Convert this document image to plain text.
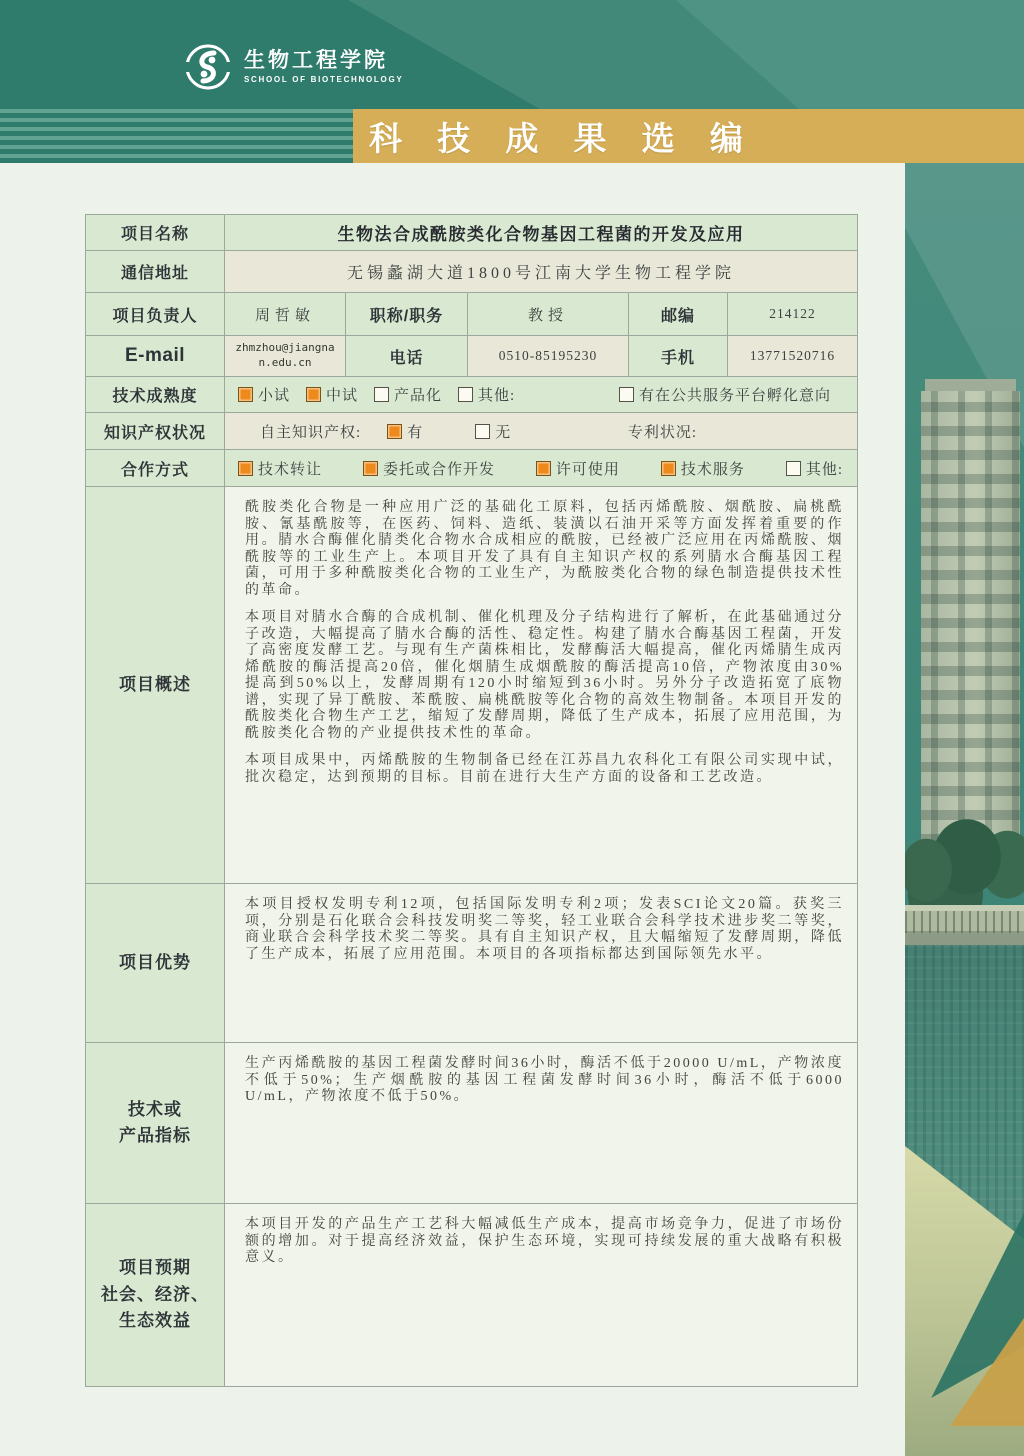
生物工程学院
SCHOOL OF BIOTECHNOLOGY
科 技 成 果 选 编
项目名称	生物法合成酰胺类化合物基因工程菌的开发及应用				
通信地址	无锡蠡湖大道1800号江南大学生物工程学院				
项目负责人	周哲敏	职称/职务	教授	邮编	214122
E-mail	zhmzhou@jiangnan.edu.cn	电话	0510-85195230	手机	13771520716
技术成熟度	小试 中试 产品化 其他: 有在公共服务平台孵化意向				

知识产权状况	自主知识产权: 有 无 专利状况:				

合作方式	技术转让 委托或合作开发 许可使用 技术服务 其他:				

项目概述	酰胺类化合物是一种应用广泛的基础化工原料，包括丙烯酰胺、烟酰胺、扁桃酰胺、氰基酰胺等，在医药、饲料、造纸、装潢以石油开采等方面发挥着重要的作用。腈水合酶催化腈类化合物水合成相应的酰胺，已经被广泛应用在丙烯酰胺、烟酰胺等的工业生产上。本项目开发了具有自主知识产权的系列腈水合酶基因工程菌，可用于多种酰胺类化合物的工业生产，为酰胺类化合物的绿色制造提供技术性的革命。

本项目对腈水合酶的合成机制、催化机理及分子结构进行了解析，在此基础通过分子改造，大幅提高了腈水合酶的活性、稳定性。构建了腈水合酶基因工程菌，开发了高密度发酵工艺。与现有生产菌株相比，发酵酶活大幅提高，催化丙烯腈生成丙烯酰胺的酶活提高20倍，催化烟腈生成烟酰胺的酶活提高10倍，产物浓度由30%提高到50%以上，发酵周期有120小时缩短到36小时。另外分子改造拓宽了底物谱，实现了异丁酰胺、苯酰胺、扁桃酰胺等化合物的高效生物制备。本项目开发的酰胺类化合物生产工艺，缩短了发酵周期，降低了生产成本，拓展了应用范围，为酰胺类化合物的产业提供技术性的革命。

本项目成果中，丙烯酰胺的生物制备已经在江苏昌九农科化工有限公司实现中试，批次稳定，达到预期的目标。目前在进行大生产方面的设备和工艺改造。				

项目优势	本项目授权发明专利12项，包括国际发明专利2项；发表SCI论文20篇。获奖三项，分别是石化联合会科技发明奖二等奖，轻工业联合会科学技术进步奖二等奖，商业联合会科学技术奖二等奖。具有自主知识产权，且大幅缩短了发酵周期，降低了生产成本，拓展了应用范围。本项目的各项指标都达到国际领先水平。				

技术或
产品指标	生产丙烯酰胺的基因工程菌发酵时间36小时，酶活不低于20000 U/mL，产物浓度不低于50%；生产烟酰胺的基因工程菌发酵时间36小时，酶活不低于6000 U/mL，产物浓度不低于50%。				

项目预期
社会、经济、
生态效益	本项目开发的产品生产工艺科大幅减低生产成本，提高市场竞争力，促进了市场份额的增加。对于提高经济效益，保护生态环境，实现可持续发展的重大战略有积极意义。				
